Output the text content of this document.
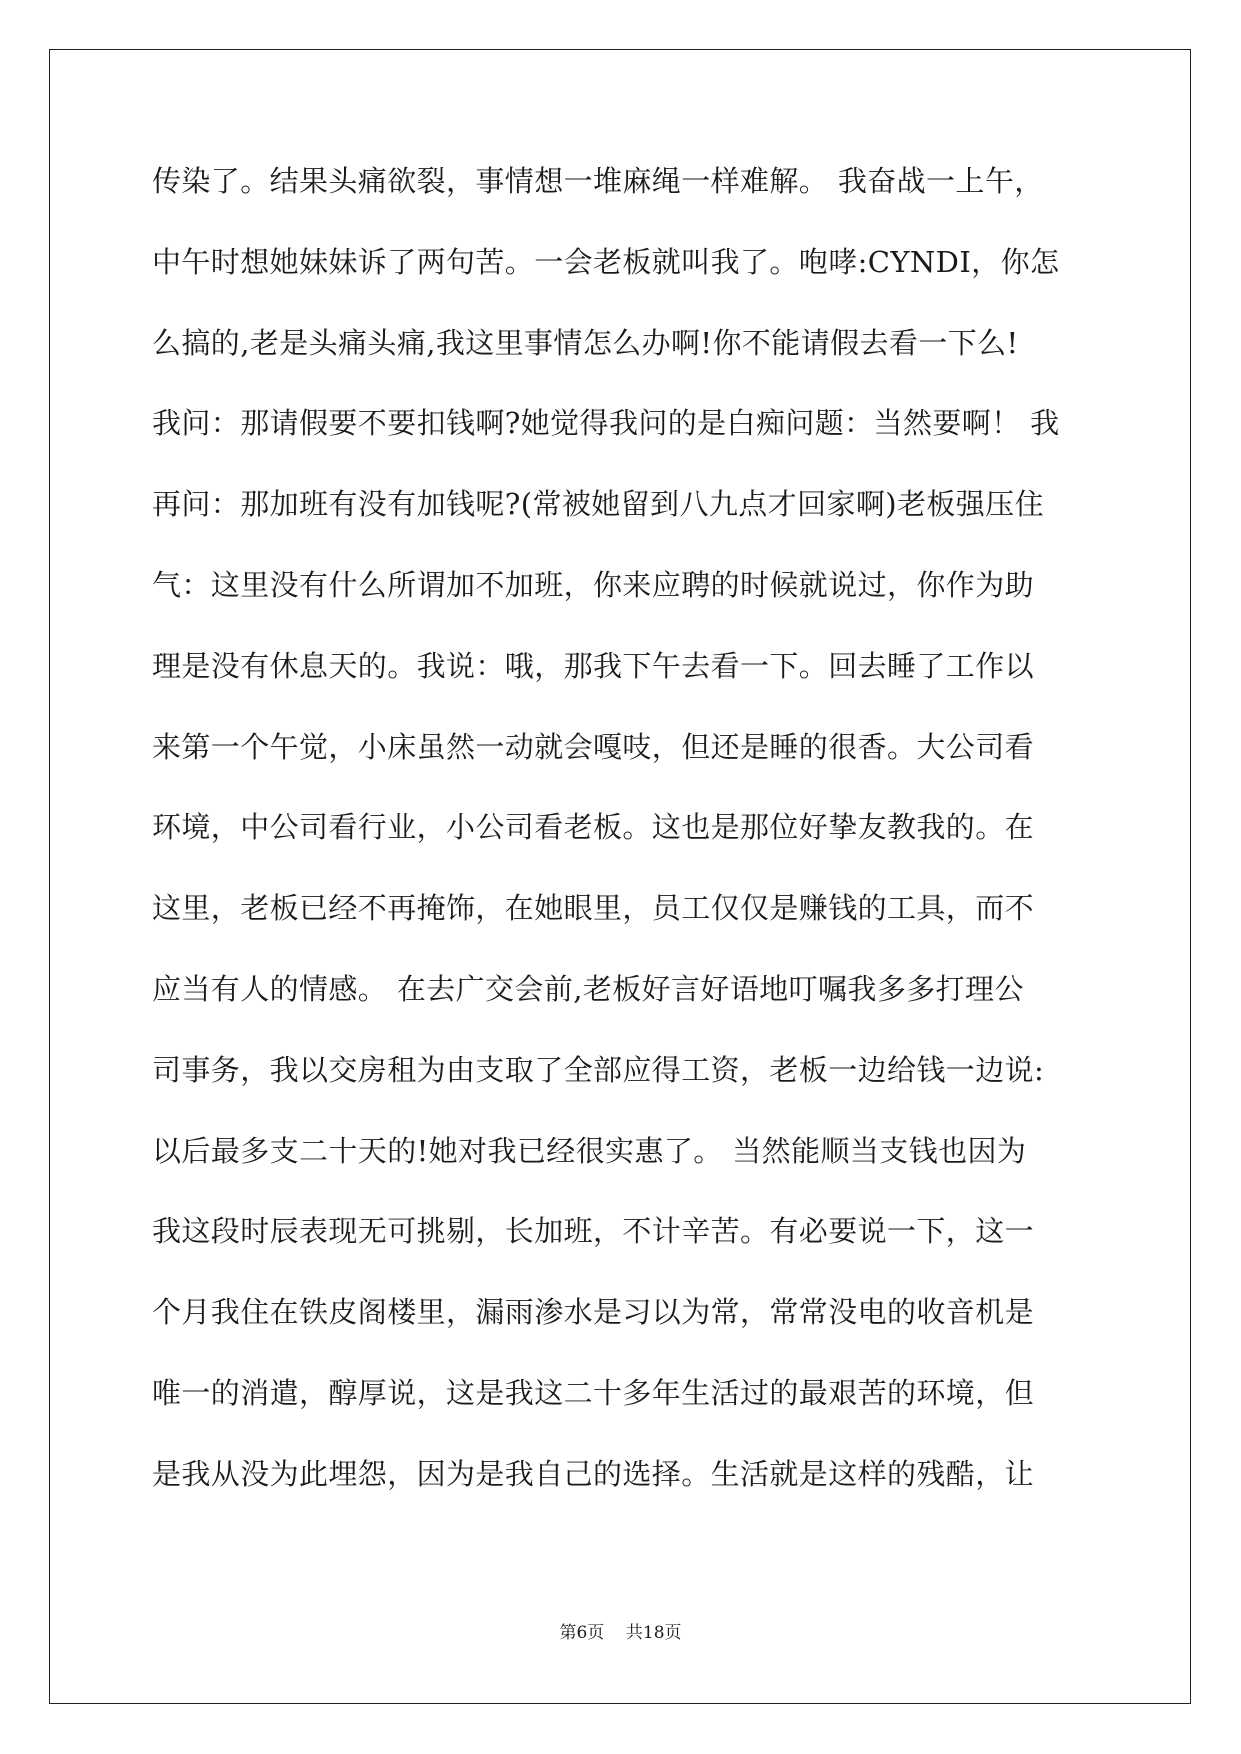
传染了。结果头痛欲裂，事情想一堆麻绳一样难解。 我奋战一上午，
中午时想她妹妹诉了两句苦。一会老板就叫我了。咆哮:CYNDI，你怎
么搞的,老是头痛头痛,我这里事情怎么办啊!你不能请假去看一下么!
我问：那请假要不要扣钱啊?她觉得我问的是白痴问题：当然要啊！ 我
再问：那加班有没有加钱呢?(常被她留到八九点才回家啊)老板强压住
气：这里没有什么所谓加不加班，你来应聘的时候就说过，你作为助
理是没有休息天的。我说：哦，那我下午去看一下。回去睡了工作以
来第一个午觉，小床虽然一动就会嘎吱，但还是睡的很香。大公司看
环境，中公司看行业，小公司看老板。这也是那位好挚友教我的。在
这里，老板已经不再掩饰，在她眼里，员工仅仅是赚钱的工具，而不
应当有人的情感。 在去广交会前,老板好言好语地叮嘱我多多打理公
司事务，我以交房租为由支取了全部应得工资，老板一边给钱一边说:
以后最多支二十天的!她对我已经很实惠了。 当然能顺当支钱也因为
我这段时辰表现无可挑剔，长加班，不计辛苦。有必要说一下，这一
个月我住在铁皮阁楼里，漏雨渗水是习以为常，常常没电的收音机是
唯一的消遣，醇厚说，这是我这二十多年生活过的最艰苦的环境，但
是我从没为此埋怨，因为是我自己的选择。生活就是这样的残酷，让
第6页    共18页
